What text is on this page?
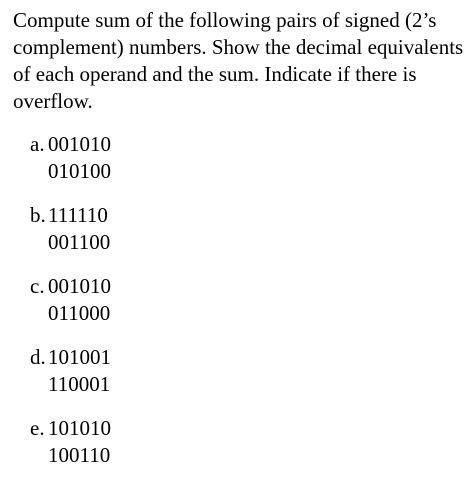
Compute sum of the following pairs of signed (2’s complement) numbers. Show the decimal equivalents of each operand and the sum. Indicate if there is overflow.

a. 001010
010100
b. 111110
001100
c. 001010
011000
d. 101001
110001
e. 101010
100110
